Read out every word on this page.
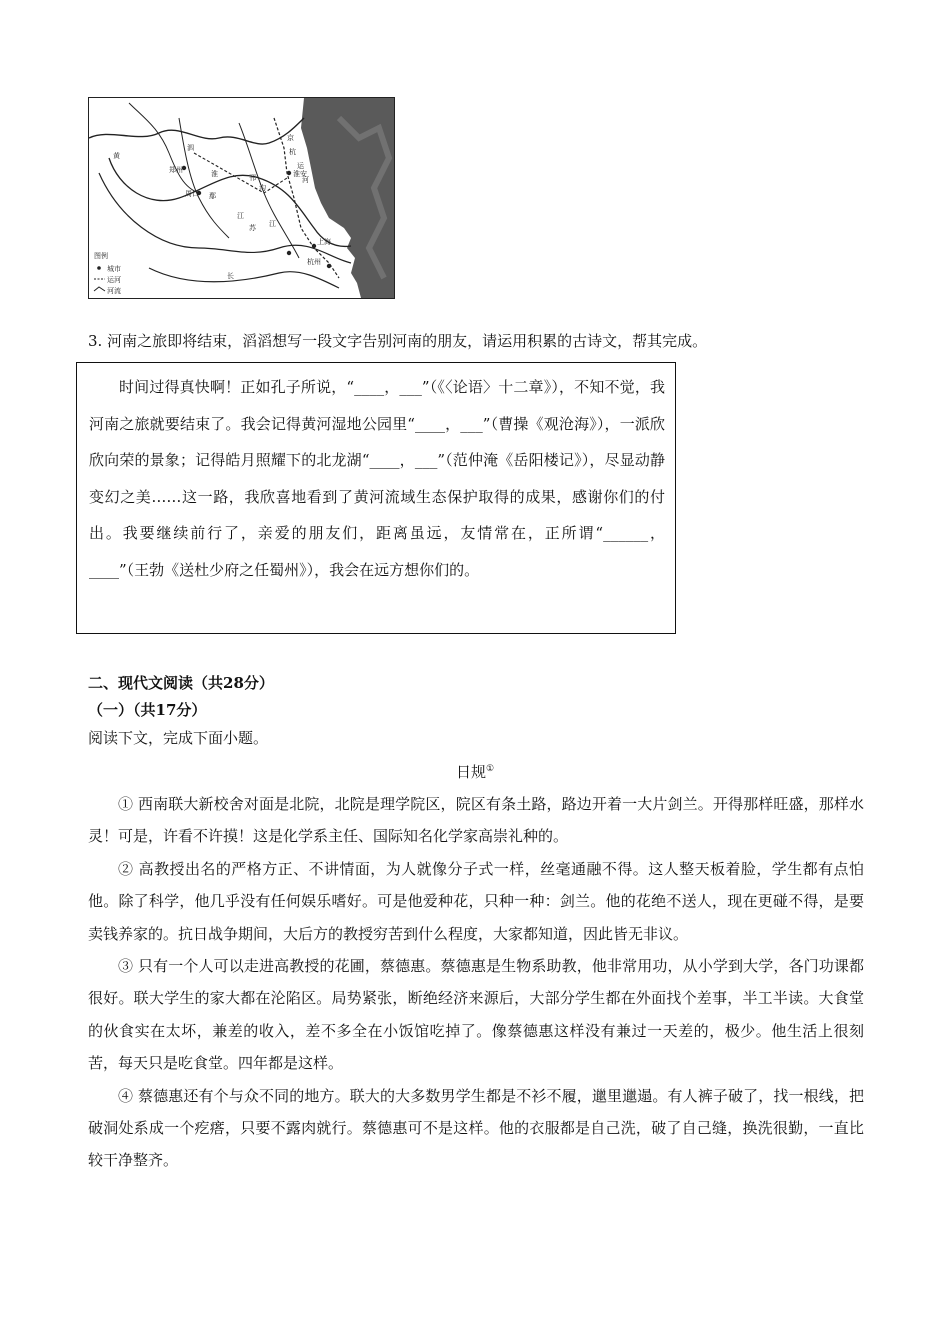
京
杭
运
河
淮安
郑州
周口 鄢
江
苏
杭州
上海
泗
黄
淮
长
江
邗
沟
图例
城市
运河
河流
3. 河南之旅即将结束，滔滔想写一段文字告别河南的朋友，请运用积累的古诗文，帮其完成。

时间过得真快啊！正如孔子所说，“____，___”（《〈论语〉十二章》），不知不觉，我　河南之旅就要结束了。我会记得黄河湿地公园里“____，___”（曹操《观沧海》），一派欣欣向荣的景象；记得皓月照耀下的北龙湖“____，___”（范仲淹《岳阳楼记》），尽显动静变幻之美……这一路，我欣喜地看到了黄河流域生态保护取得的成果，感谢你们的付出。我要继续前行了，亲爱的朋友们，距离虽远，友情常在，正所谓“______，____”（王勃《送杜少府之任蜀州》），我会在远方想你们的。

二、现代文阅读（共28分）
（一）（共17分）
阅读下文，完成下面小题。
日规①

① 西南联大新校舍对面是北院，北院是理学院区，院区有条土路，路边开着一大片剑兰。开得那样旺盛，那样水灵！可是，许看不许摸！这是化学系主任、国际知名化学家高崇礼种的。

② 高教授出名的严格方正、不讲情面，为人就像分子式一样，丝毫通融不得。这人整天板着脸，学生都有点怕他。除了科学，他几乎没有任何娱乐嗜好。可是他爱种花，只种一种：剑兰。他的花绝不送人，现在更碰不得，是要卖钱养家的。抗日战争期间，大后方的教授穷苦到什么程度，大家都知道，因此皆无非议。

③ 只有一个人可以走进高教授的花圃，蔡德惠。蔡德惠是生物系助教，他非常用功，从小学到大学，各门功课都很好。联大学生的家大都在沦陷区。局势紧张，断绝经济来源后，大部分学生都在外面找个差事，半工半读。大食堂的伙食实在太坏，兼差的收入，差不多全在小饭馆吃掉了。像蔡德惠这样没有兼过一天差的，极少。他生活上很刻苦，每天只是吃食堂。四年都是这样。

④ 蔡德惠还有个与众不同的地方。联大的大多数男学生都是不衫不履，邋里邋遢。有人裤子破了，找一根线，把破洞处系成一个疙瘩，只要不露肉就行。蔡德惠可不是这样。他的衣服都是自己洗，破了自己缝，换洗很勤，一直比较干净整齐。
